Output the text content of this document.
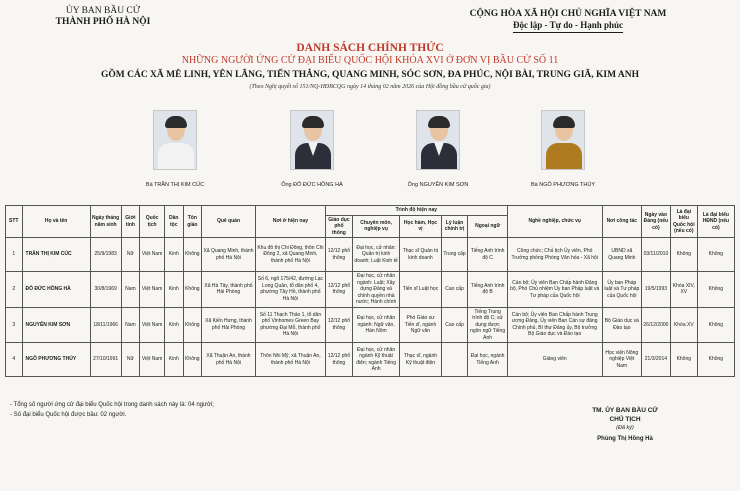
ỦY BAN BẦU CỬ
THÀNH PHỐ HÀ NỘI
CỘNG HÒA XÃ HỘI CHỦ NGHĨA VIỆT NAM
Độc lập - Tự do - Hạnh phúc
DANH SÁCH CHÍNH THỨC
NHỮNG NGƯỜI ỨNG CỬ ĐẠI BIỂU QUỐC HỘI KHÓA XVI Ở ĐƠN VỊ BẦU CỬ SỐ 11
GỒM CÁC XÃ MÊ LINH, YÊN LÃNG, TIẾN THẮNG, QUANG MINH, SÓC SƠN, ĐA PHÚC, NỘI BÀI, TRUNG GIÃ, KIM ANH
(Theo Nghị quyết số 151/NQ-HĐBCQG ngày 14 tháng 02 năm 2026 của Hội đồng bầu cử quốc gia)
Bà TRẦN THỊ KIM CÚC	Ông ĐỖ ĐỨC HỒNG HÀ	Ông NGUYỄN KIM SƠN	Bà NGÔ PHƯƠNG THÚY
STT	Họ và tên	Ngày tháng năm sinh	Giới tính	Quốc tịch	Dân tộc	Tôn giáo	Quê quán	Nơi ở hiện nay	Trình độ hiện nay					Nghề nghiệp, chức vụ	Nơi công tác	Ngày vào Đảng (nếu có)	Là đại biểu Quốc hội (nếu có)	Là đại biểu HĐND (nếu có)
									Giáo dục phổ thông	Chuyên môn, nghiệp vụ	Học hàm, Học vị	Lý luận chính trị	Ngoại ngữ					
1	TRẦN THỊ KIM CÚC	25/9/1983	Nữ	Việt Nam	Kinh	Không	Xã Quang Minh, thành phố Hà Nội	Khu đô thị Chi Đông, thôn Chi Đông 2, xã Quang Minh, thành phố Hà Nội	12/12 phổ thông	Đại học, cử nhân: Quản trị kinh doanh; Luật Kinh tế	Thạc sĩ Quản trị kinh doanh	Trung cấp	Tiếng Anh trình độ C	Công chức; Chủ tịch Ủy viên, Phó Trưởng phòng Phòng Văn hóa - Xã hội	UBND xã Quang Minh	03/11/2010	Không	Không
2	ĐỖ ĐỨC HỒNG HÀ	30/8/1969	Nam	Việt Nam	Kinh	Không	Xã Hà Tây, thành phố Hải Phòng	Số 6, ngõ 175/42, đường Lạc Long Quân, tổ dân phố 4, phường Tây Hồ, thành phố Hà Nội	12/12 phổ thông	Đại học, cử nhân ngành: Luật; Xây dựng Đảng và chính quyền nhà nước; Hành chính	Tiến sĩ Luật học	Cao cấp	Tiếng Anh trình độ B	Cán bộ; Ủy viên Ban Chấp hành Đảng bộ, Phó Chủ nhiệm Ủy ban Pháp luật và Tư pháp của Quốc hội	Ủy ban Pháp luật và Tư pháp của Quốc hội	19/5/1993	Khóa XIV, XV	Không
3	NGUYỄN KIM SƠN	18/11/1966	Nam	Việt Nam	Kinh	Không	Xã Kiến Hưng, thành phố Hải Phòng	Số 11 Thạch Thảo 1, tổ dân phố Vinhomes Green Bay phường Đại Mỗ, thành phố Hà Nội	12/12 phổ thông	Đại học, cử nhân ngành: Ngữ văn, Hán Nôm	Phó Giáo sư Tiến sĩ, ngành Ngữ văn	Cao cấp	Tiếng Trung trình độ C; sử dụng được ngôn ngữ Tiếng Anh	Cán bộ; Ủy viên Ban Chấp hành Trung ương Đảng, Ủy viên Ban Cán sự đảng Chính phủ, Bí thư Đảng ủy, Bộ trưởng Bộ Giáo dục và Đào tạo	Bộ Giáo dục và Đào tạo	26/12/2000	Khóa XV	Không
4	NGÔ PHƯƠNG THÚY	27/10/1991	Nữ	Việt Nam	Kinh	Không	Xã Thuận An, thành phố Hà Nội	Thôn Nhi Mỹ, xã Thuận An, thành phố Hà Nội	12/12 phổ thông	Đại học, cử nhân ngành Kỹ thuật điện; ngành Tiếng Anh	Thạc sĩ, ngành Kỹ thuật điện		Đại học, ngành Tiếng Anh	Giảng viên	Học viện Nông nghiệp Việt Nam	21/3/2014	Không	Không
- Tổng số người ứng cử đại biểu Quốc hội trong danh sách này là: 04 người;
- Số đại biểu Quốc hội được bầu: 02 người.
TM. ỦY BAN BẦU CỬ
CHỦ TỊCH
(Đã ký)
Phùng Thị Hồng Hà
